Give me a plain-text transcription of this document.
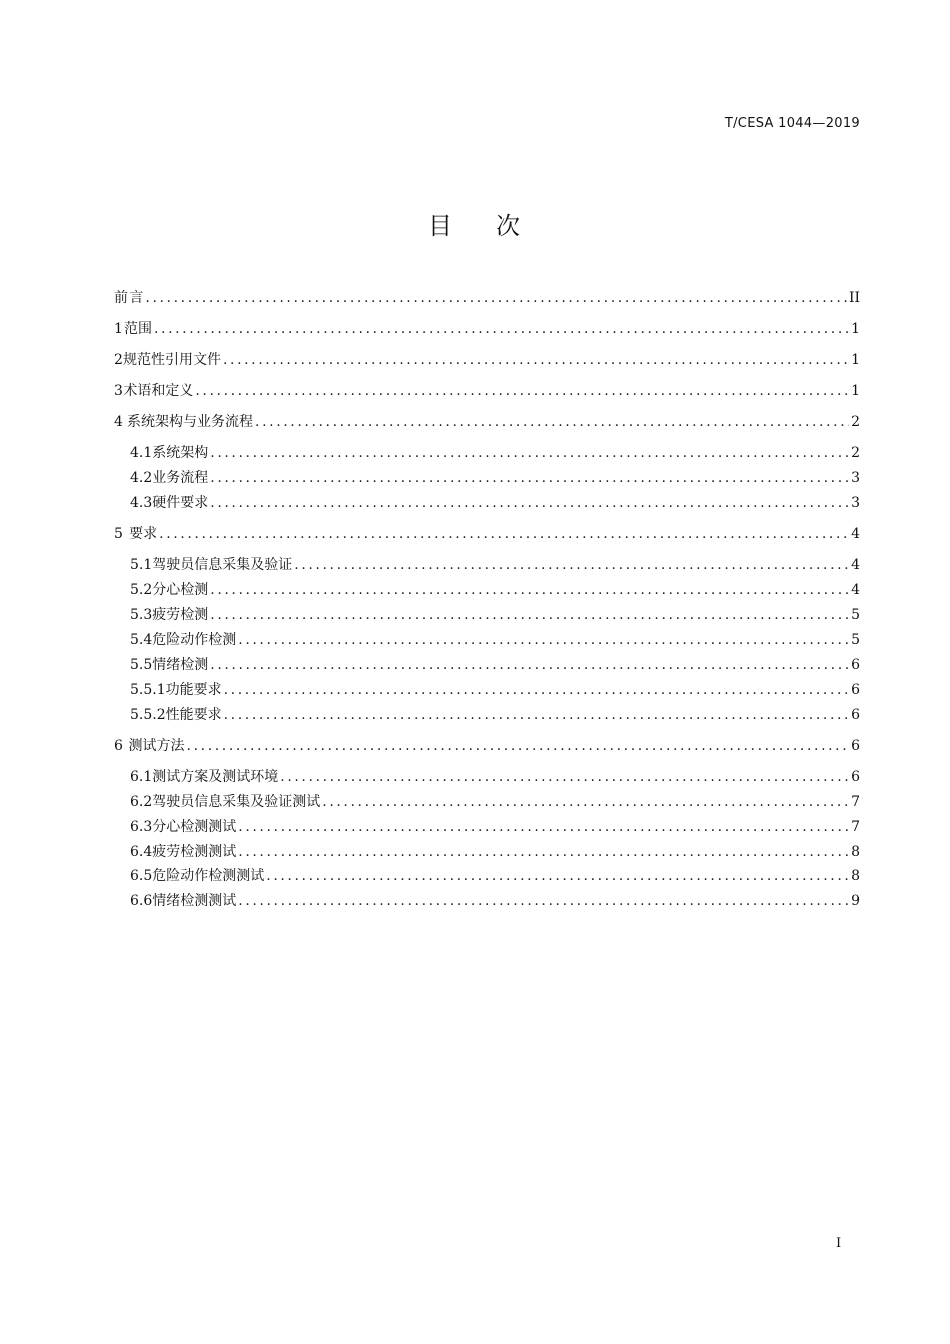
T/CESA 1044—2019
目 次
前 言 .....	II
1 范围 .....	1
2 规范性引用文件 .....	1
3 术语和定义 .....	1
4 系统架构与业务流程 .....	2
4.1 系统架构 .....	2
4.2 业务流程 .....	3
4.3 硬件要求 .....	3
5 要求 .....	4
5.1 驾驶员信息采集及验证 .....	4
5.2 分心检测 .....	4
5.3 疲劳检测 .....	5
5.4 危险动作检测 .....	5
5.5 情绪检测 .....	6
5.5.1 功能要求 .....	6
5.5.2 性能要求 .....	6
6 测试方法 .....	6
6.1 测试方案及测试环境 .....	6
6.2 驾驶员信息采集及验证测试 .....	7
6.3 分心检测测试 .....	7
6.4 疲劳检测测试 .....	8
6.5 危险动作检测测试 .....	8
6.6 情绪检测测试 .....	9
I
